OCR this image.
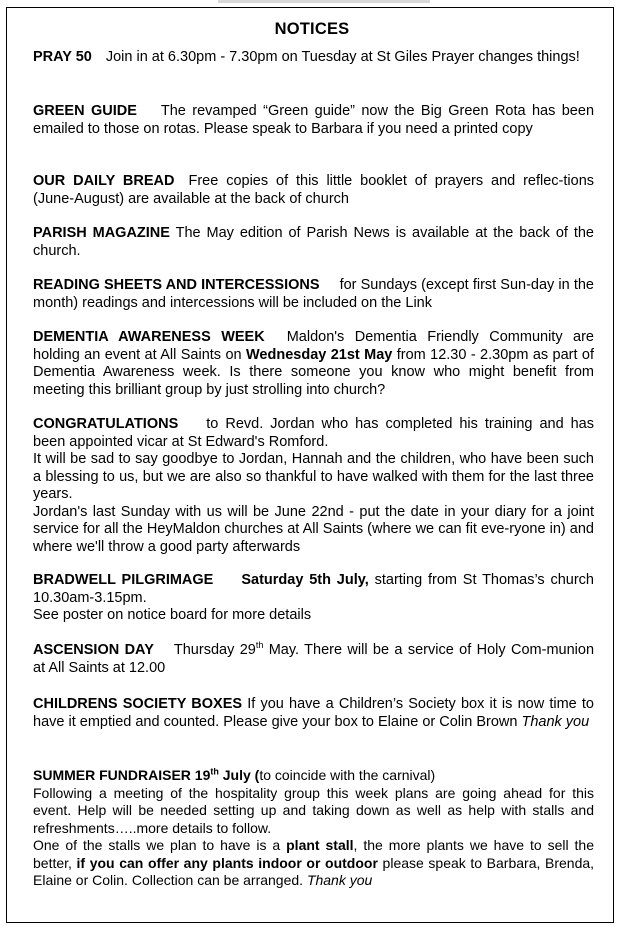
NOTICES
PRAY 50 Join in at 6.30pm - 7.30pm on Tuesday at St Giles Prayer changes things!
GREEN GUIDE The revamped “Green guide” now the Big Green Rota has been emailed to those on rotas. Please speak to Barbara if you need a printed copy
OUR DAILY BREAD Free copies of this little booklet of prayers and reflec-tions (June-August) are available at the back of church
PARISH MAGAZINE The May edition of Parish News is available at the back of the church.
READING SHEETS AND INTERCESSIONS for Sundays (except first Sun-day in the month) readings and intercessions will be included on the Link
DEMENTIA AWARENESS WEEK Maldon's Dementia Friendly Community are holding an event at All Saints on Wednesday 21st May from 12.30 - 2.30pm as part of Dementia Awareness week. Is there someone you know who might benefit from meeting this brilliant group by just strolling into church?

CONGRATULATIONS to Revd. Jordan who has completed his training and has been appointed vicar at St Edward's Romford.

It will be sad to say goodbye to Jordan, Hannah and the children, who have been such a blessing to us, but we are also so thankful to have walked with them for the last three years.

Jordan's last Sunday with us will be June 22nd - put the date in your diary for a joint service for all the HeyMaldon churches at All Saints (where we can fit eve-ryone in) and where we'll throw a good party afterwards

BRADWELL PILGRIMAGE Saturday 5th July, starting from St Thomas’s church 10.30am-3.15pm.

See poster on notice board for more details

ASCENSION DAY Thursday 29th May. There will be a service of Holy Com-munion at All Saints at 12.00
CHILDRENS SOCIETY BOXES If you have a Children’s Society box it is now time to have it emptied and counted. Please give your box to Elaine or Colin Brown Thank you

SUMMER FUNDRAISER 19th July (to coincide with the carnival)

Following a meeting of the hospitality group this week plans are going ahead for this event. Help will be needed setting up and taking down as well as help with stalls and refreshments…..more details to follow.

One of the stalls we plan to have is a plant stall, the more plants we have to sell the better, if you can offer any plants indoor or outdoor please speak to Barbara, Brenda, Elaine or Colin. Collection can be arranged. Thank you
